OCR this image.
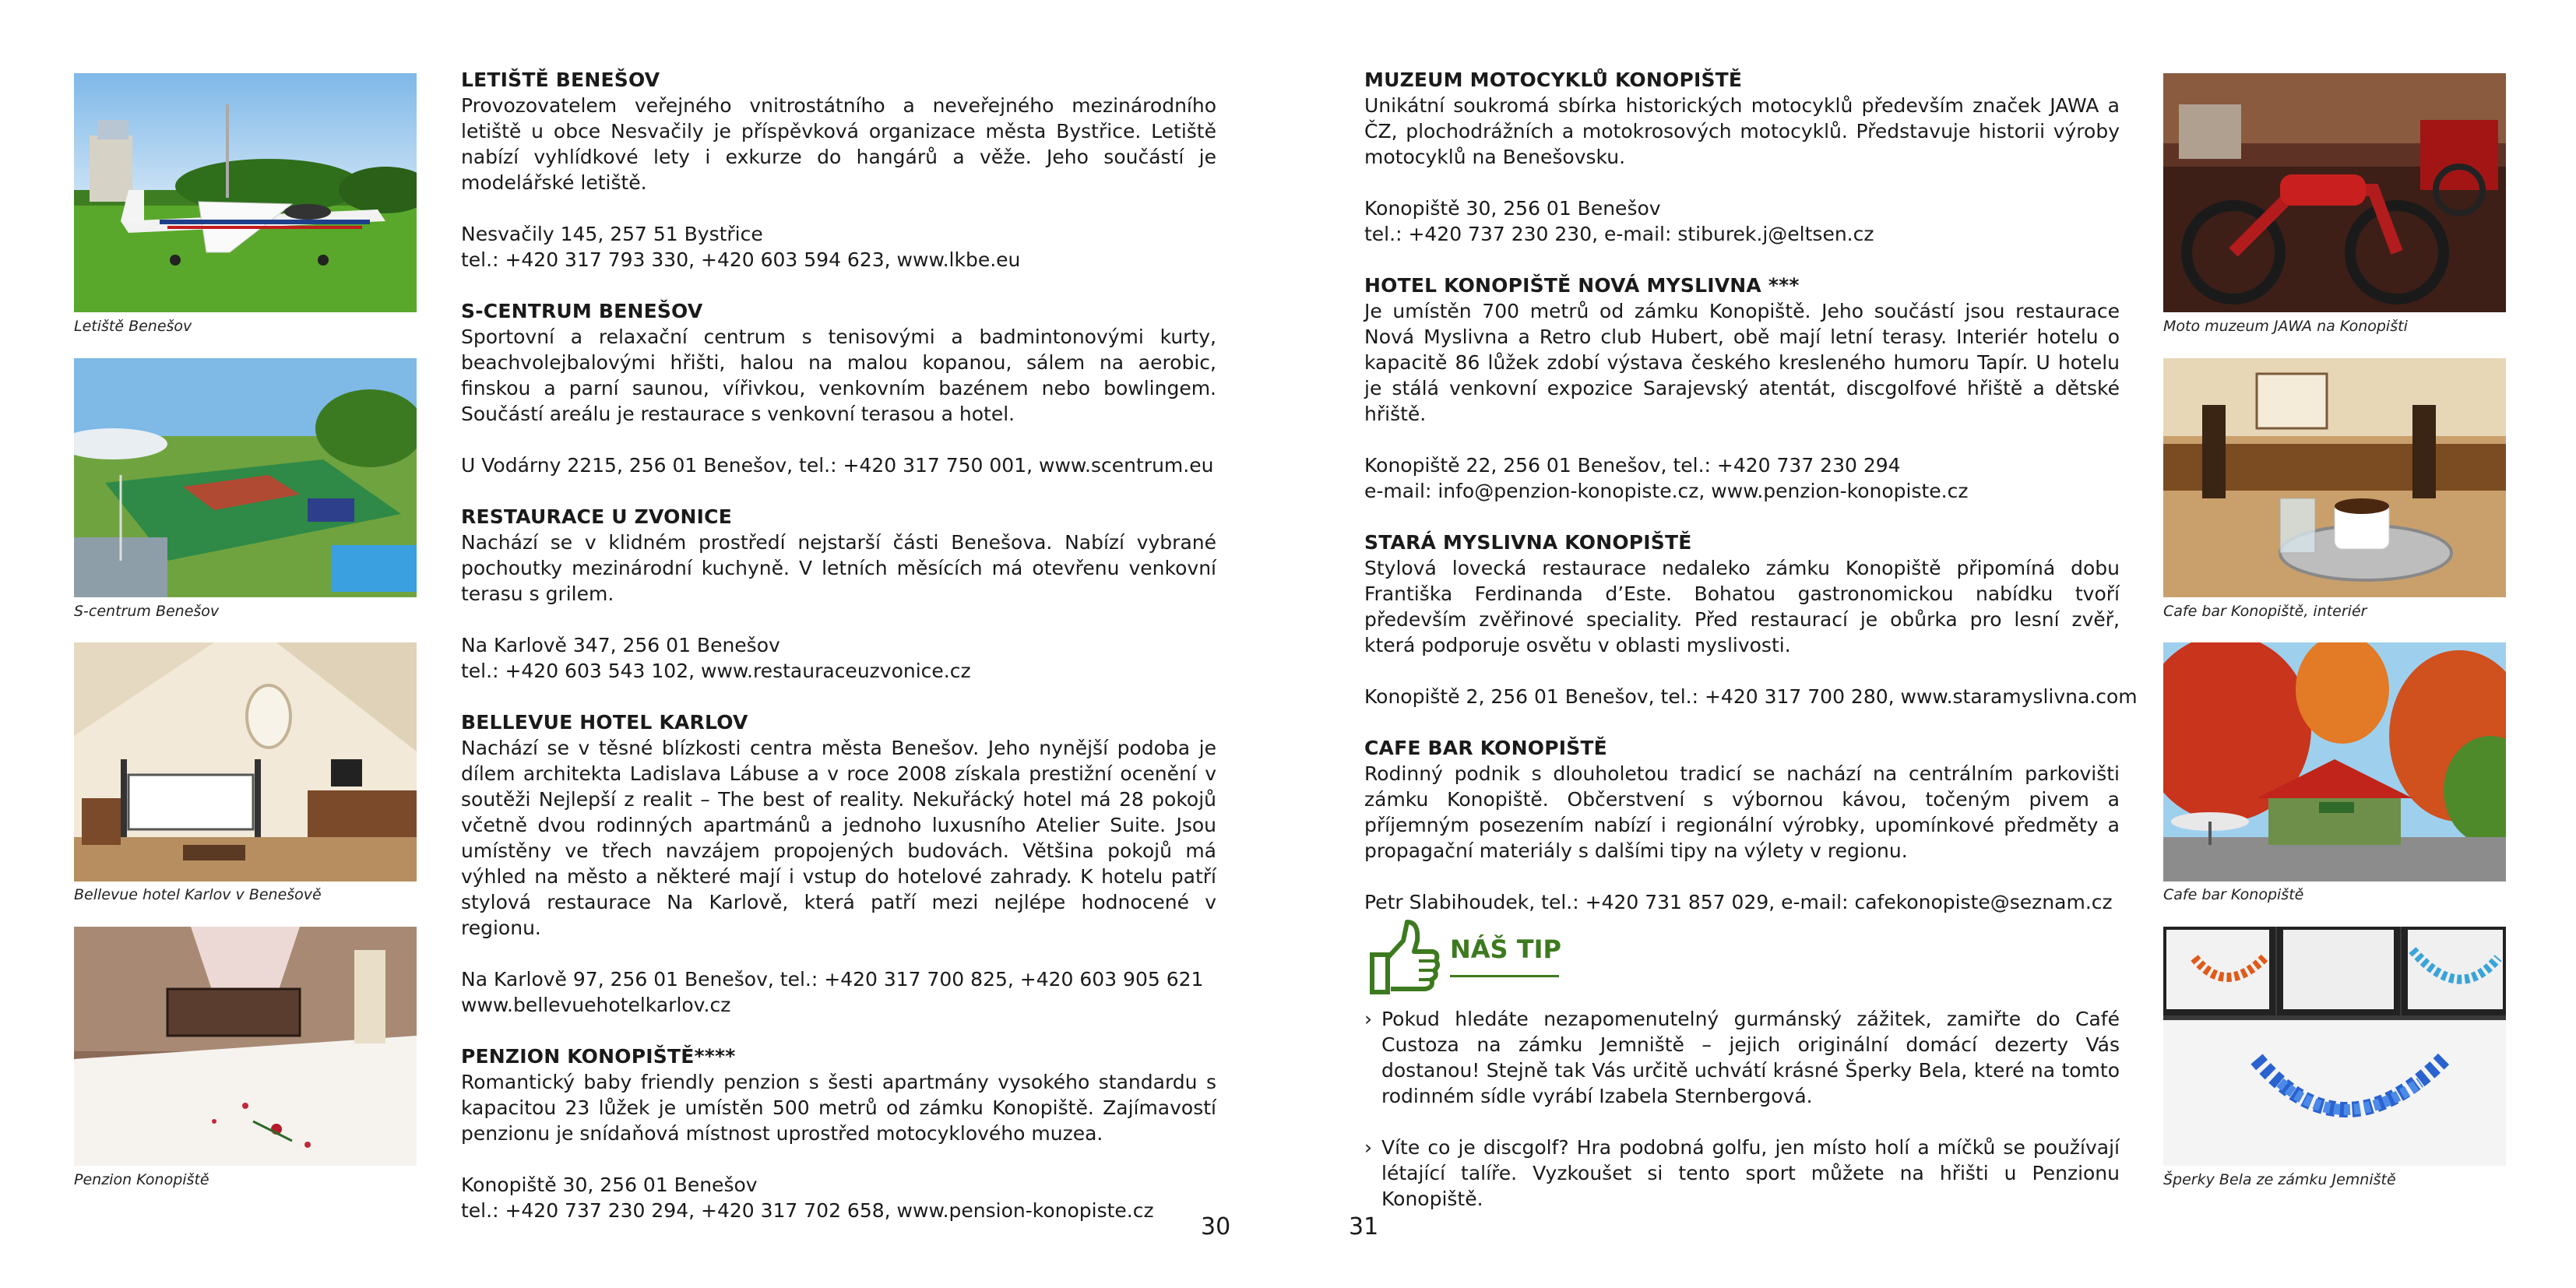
Letiště Benešov
S-centrum Benešov
Bellevue hotel Karlov v Benešově
Penzion Konopiště
LETIŠTĚ BENEŠOV

Provozovatelem veřejného vnitrostátního a neveřejného mezinárodního letiště u obce Nesvačily je příspěvková organizace města Bystřice. Letiště nabízí vyhlídkové lety i exkurze do hangárů a věže. Jeho součástí je modelářské letiště.

Nesvačily 145, 257 51 Bystřice
tel.: +420 317 793 330, +420 603 594 623, www.lkbe.eu
S-CENTRUM BENEŠOV

Sportovní a relaxační centrum s tenisovými a badmintonovými kurty, beachvolejbalovými hřišti, halou na malou kopanou, sálem na aerobic, finskou a parní saunou, vířivkou, venkovním bazénem nebo bowlingem. Součástí areálu je restaurace s venkovní terasou a hotel.

U Vodárny 2215, 256 01 Benešov, tel.: +420 317 750 001, www.scentrum.eu
RESTAURACE U ZVONICE

Nachází se v klidném prostředí nejstarší části Benešova. Nabízí vybrané pochoutky mezinárodní kuchyně. V letních měsících má otevřenu venkovní terasu s grilem.

Na Karlově 347, 256 01 Benešov
tel.: +420 603 543 102, www.restauraceuzvonice.cz
BELLEVUE HOTEL KARLOV

Nachází se v těsné blízkosti centra města Benešov. Jeho nynější podoba je dílem architekta Ladislava Lábuse a v roce 2008 získala prestižní ocenění v soutěži Nejlepší z realit – The best of reality. Nekuřácký hotel má 28 pokojů včetně dvou rodinných apartmánů a jednoho luxusního Atelier Suite. Jsou umístěny ve třech navzájem propojených budovách. Většina pokojů má výhled na město a některé mají i vstup do hotelové zahrady. K hotelu patří stylová restaurace Na Karlově, která patří mezi nejlépe hodnocené v regionu.

Na Karlově 97, 256 01 Benešov, tel.: +420 317 700 825, +420 603 905 621
www.bellevuehotelkarlov.cz
PENZION KONOPIŠTĚ****

Romantický baby friendly penzion s šesti apartmány vysokého standardu s kapacitou 23 lůžek je umístěn 500 metrů od zámku Konopiště. Zajímavostí penzionu je snídaňová místnost uprostřed motocyklového muzea.

Konopiště 30, 256 01 Benešov
tel.: +420 737 230 294, +420 317 702 658, www.pension-konopiste.cz
30	31
MUZEUM MOTOCYKLŮ KONOPIŠTĚ

Unikátní soukromá sbírka historických motocyklů především značek JAWA a ČZ, plochodrážních a motokrosových motocyklů. Představuje historii výroby motocyklů na Benešovsku.

Konopiště 30, 256 01 Benešov
tel.: +420 737 230 230, e-mail: stiburek.j@eltsen.cz
HOTEL KONOPIŠTĚ NOVÁ MYSLIVNA ***

Je umístěn 700 metrů od zámku Konopiště. Jeho součástí jsou restaurace Nová Myslivna a Retro club Hubert, obě mají letní terasy. Interiér hotelu o kapacitě 86 lůžek zdobí výstava českého kresleného humoru Tapír. U hotelu je stálá venkovní expozice Sarajevský atentát, discgolfové hřiště a dětské hřiště.

Konopiště 22, 256 01 Benešov, tel.: +420 737 230 294
e-mail: info@penzion-konopiste.cz, www.penzion-konopiste.cz
STARÁ MYSLIVNA KONOPIŠTĚ

Stylová lovecká restaurace nedaleko zámku Konopiště připomíná dobu Františka Ferdinanda d’Este. Bohatou gastronomickou nabídku tvoří především zvěřinové speciality. Před restaurací je obůrka pro lesní zvěř, která podporuje osvětu v oblasti myslivosti.

Konopiště 2, 256 01 Benešov, tel.: +420 317 700 280, www.staramyslivna.com
CAFE BAR KONOPIŠTĚ

Rodinný podnik s dlouholetou tradicí se nachází na centrálním parkovišti zámku Konopiště. Občerstvení s výbornou kávou, točeným pivem a příjemným posezením nabízí i regionální výrobky, upomínkové předměty a propagační materiály s dalšími tipy na výlety v regionu.

Petr Slabihoudek, tel.: +420 731 857 029, e-mail: cafekonopiste@seznam.cz
NÁŠ TIP
› Pokud hledáte nezapomenutelný gurmánský zážitek, zamiřte do Café Custoza na zámku Jemniště – jejich originální domácí dezerty Vás dostanou! Stejně tak Vás určitě uchvátí krásné Šperky Bela, které na tomto rodinném sídle vyrábí Izabela Sternbergová.
› Víte co je discgolf? Hra podobná golfu, jen místo holí a míčků se používají létající talíře. Vyzkoušet si tento sport můžete na hřišti u Penzionu Konopiště.
Moto muzeum JAWA na Konopišti
Cafe bar Konopiště, interiér
Cafe bar Konopiště
Šperky Bela ze zámku Jemniště
